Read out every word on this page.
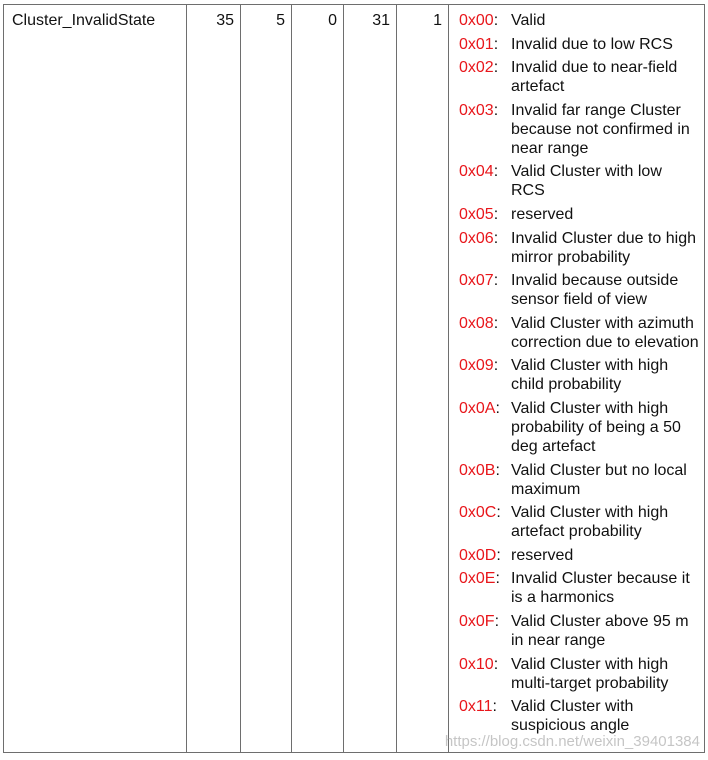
Cluster_InvalidState	35	5	0	31	1	0x00: Valid
0x01: Invalid due to low RCS
0x02: Invalid due to near-field artefact
0x03: Invalid far range Cluster because not confirmed in near range
0x04: Valid Cluster with low RCS
0x05: reserved
0x06: Invalid Cluster due to high mirror probability
0x07: Invalid because outside sensor field of view
0x08: Valid Cluster with azimuth correction due to elevation
0x09: Valid Cluster with high child probability
0x0A: Valid Cluster with high probability of being a 50 deg artefact
0x0B: Valid Cluster but no local maximum
0x0C: Valid Cluster with high artefact probability
0x0D: reserved
0x0E: Invalid Cluster because it is a harmonics
0x0F: Valid Cluster above 95 m in near range
0x10: Valid Cluster with high multi-target probability
0x11: Valid Cluster with suspicious angle
https://blog.csdn.net/weixin_39401384
